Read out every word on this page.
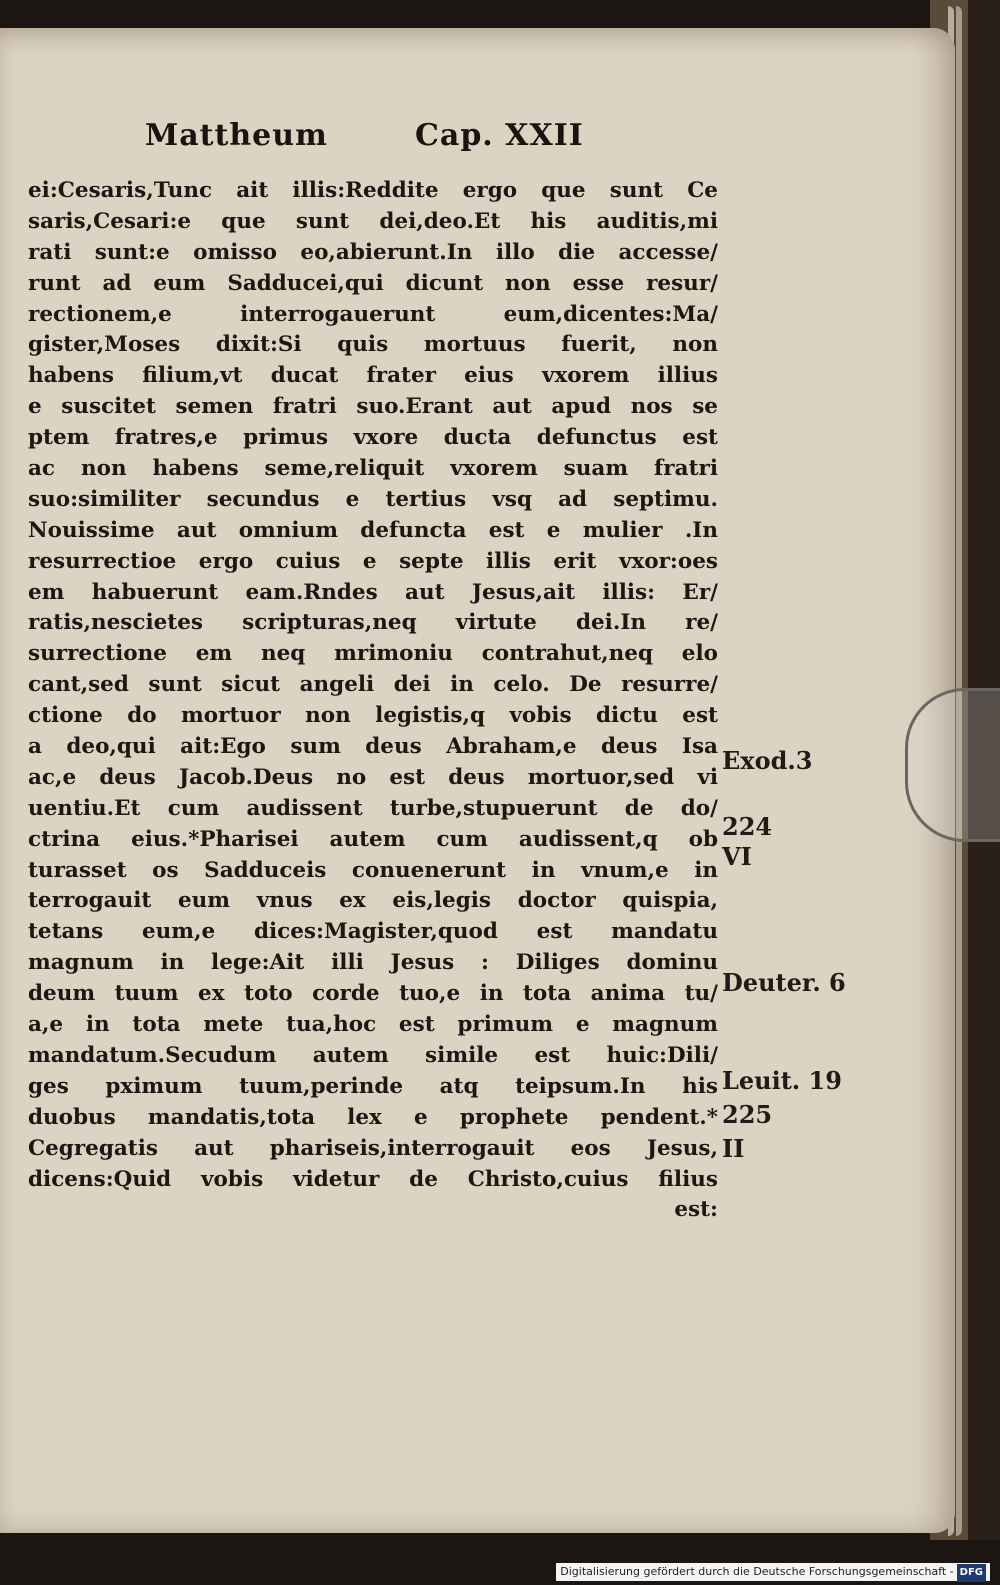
Mattheum	Cap. XXII
ei:Cesaris,Tunc ait illis:Reddite ergo que sunt Ce
saris,Cesari:e que sunt dei,deo.Et his auditis,mi
rati sunt:e omisso eo,abierunt.In illo die accesse/
runt ad eum Sadducei,qui dicunt non esse resur/
rectionem,e interrogauerunt eum,dicentes:Ma/
gister,Moses dixit:Si quis mortuus fuerit, non
habens filium,vt ducat frater eius vxorem illius
e suscitet semen fratri suo.Erant aut apud nos se
ptem fratres,e primus vxore ducta defunctus est
ac non habens seme,reliquit vxorem suam fratri
suo:similiter secundus e tertius vsq ad septimu.
Nouissime aut omnium defuncta est e mulier .In
resurrectioe ergo cuius e septe illis erit vxor:oes
em habuerunt eam.Rndes aut Jesus,ait illis: Er/
ratis,nescietes scripturas,neq virtute dei.In re/
surrectione em neq mrimoniu contrahut,neq elo
cant,sed sunt sicut angeli dei in celo. De resurre/
ctione do mortuor non legistis,q vobis dictu est
a deo,qui ait:Ego sum deus Abraham,e deus Isa
ac,e deus Jacob.Deus no est deus mortuor,sed vi
uentiu.Et cum audissent turbe,stupuerunt de do/
ctrina eius.*Pharisei autem cum audissent,q ob
turasset os Sadduceis conuenerunt in vnum,e in
terrogauit eum vnus ex eis,legis doctor quispia,
tetans eum,e dices:Magister,quod est mandatu
magnum in lege:Ait illi Jesus : Diliges dominu
deum tuum ex toto corde tuo,e in tota anima tu/
a,e in tota mete tua,hoc est primum e magnum
mandatum.Secudum autem simile est huic:Dili/
ges pximum tuum,perinde atq teipsum.In his
duobus mandatis,tota lex e prophete pendent.*
Cegregatis aut phariseis,interrogauit eos Jesus,
dicens:Quid vobis videtur de Christo,cuius filius
est:
Exod.3
224
VI
Deuter. 6
Leuit. 19
225
II
Digitalisierung gefördert durch die Deutsche Forschungsgemeinschaft - DFG
